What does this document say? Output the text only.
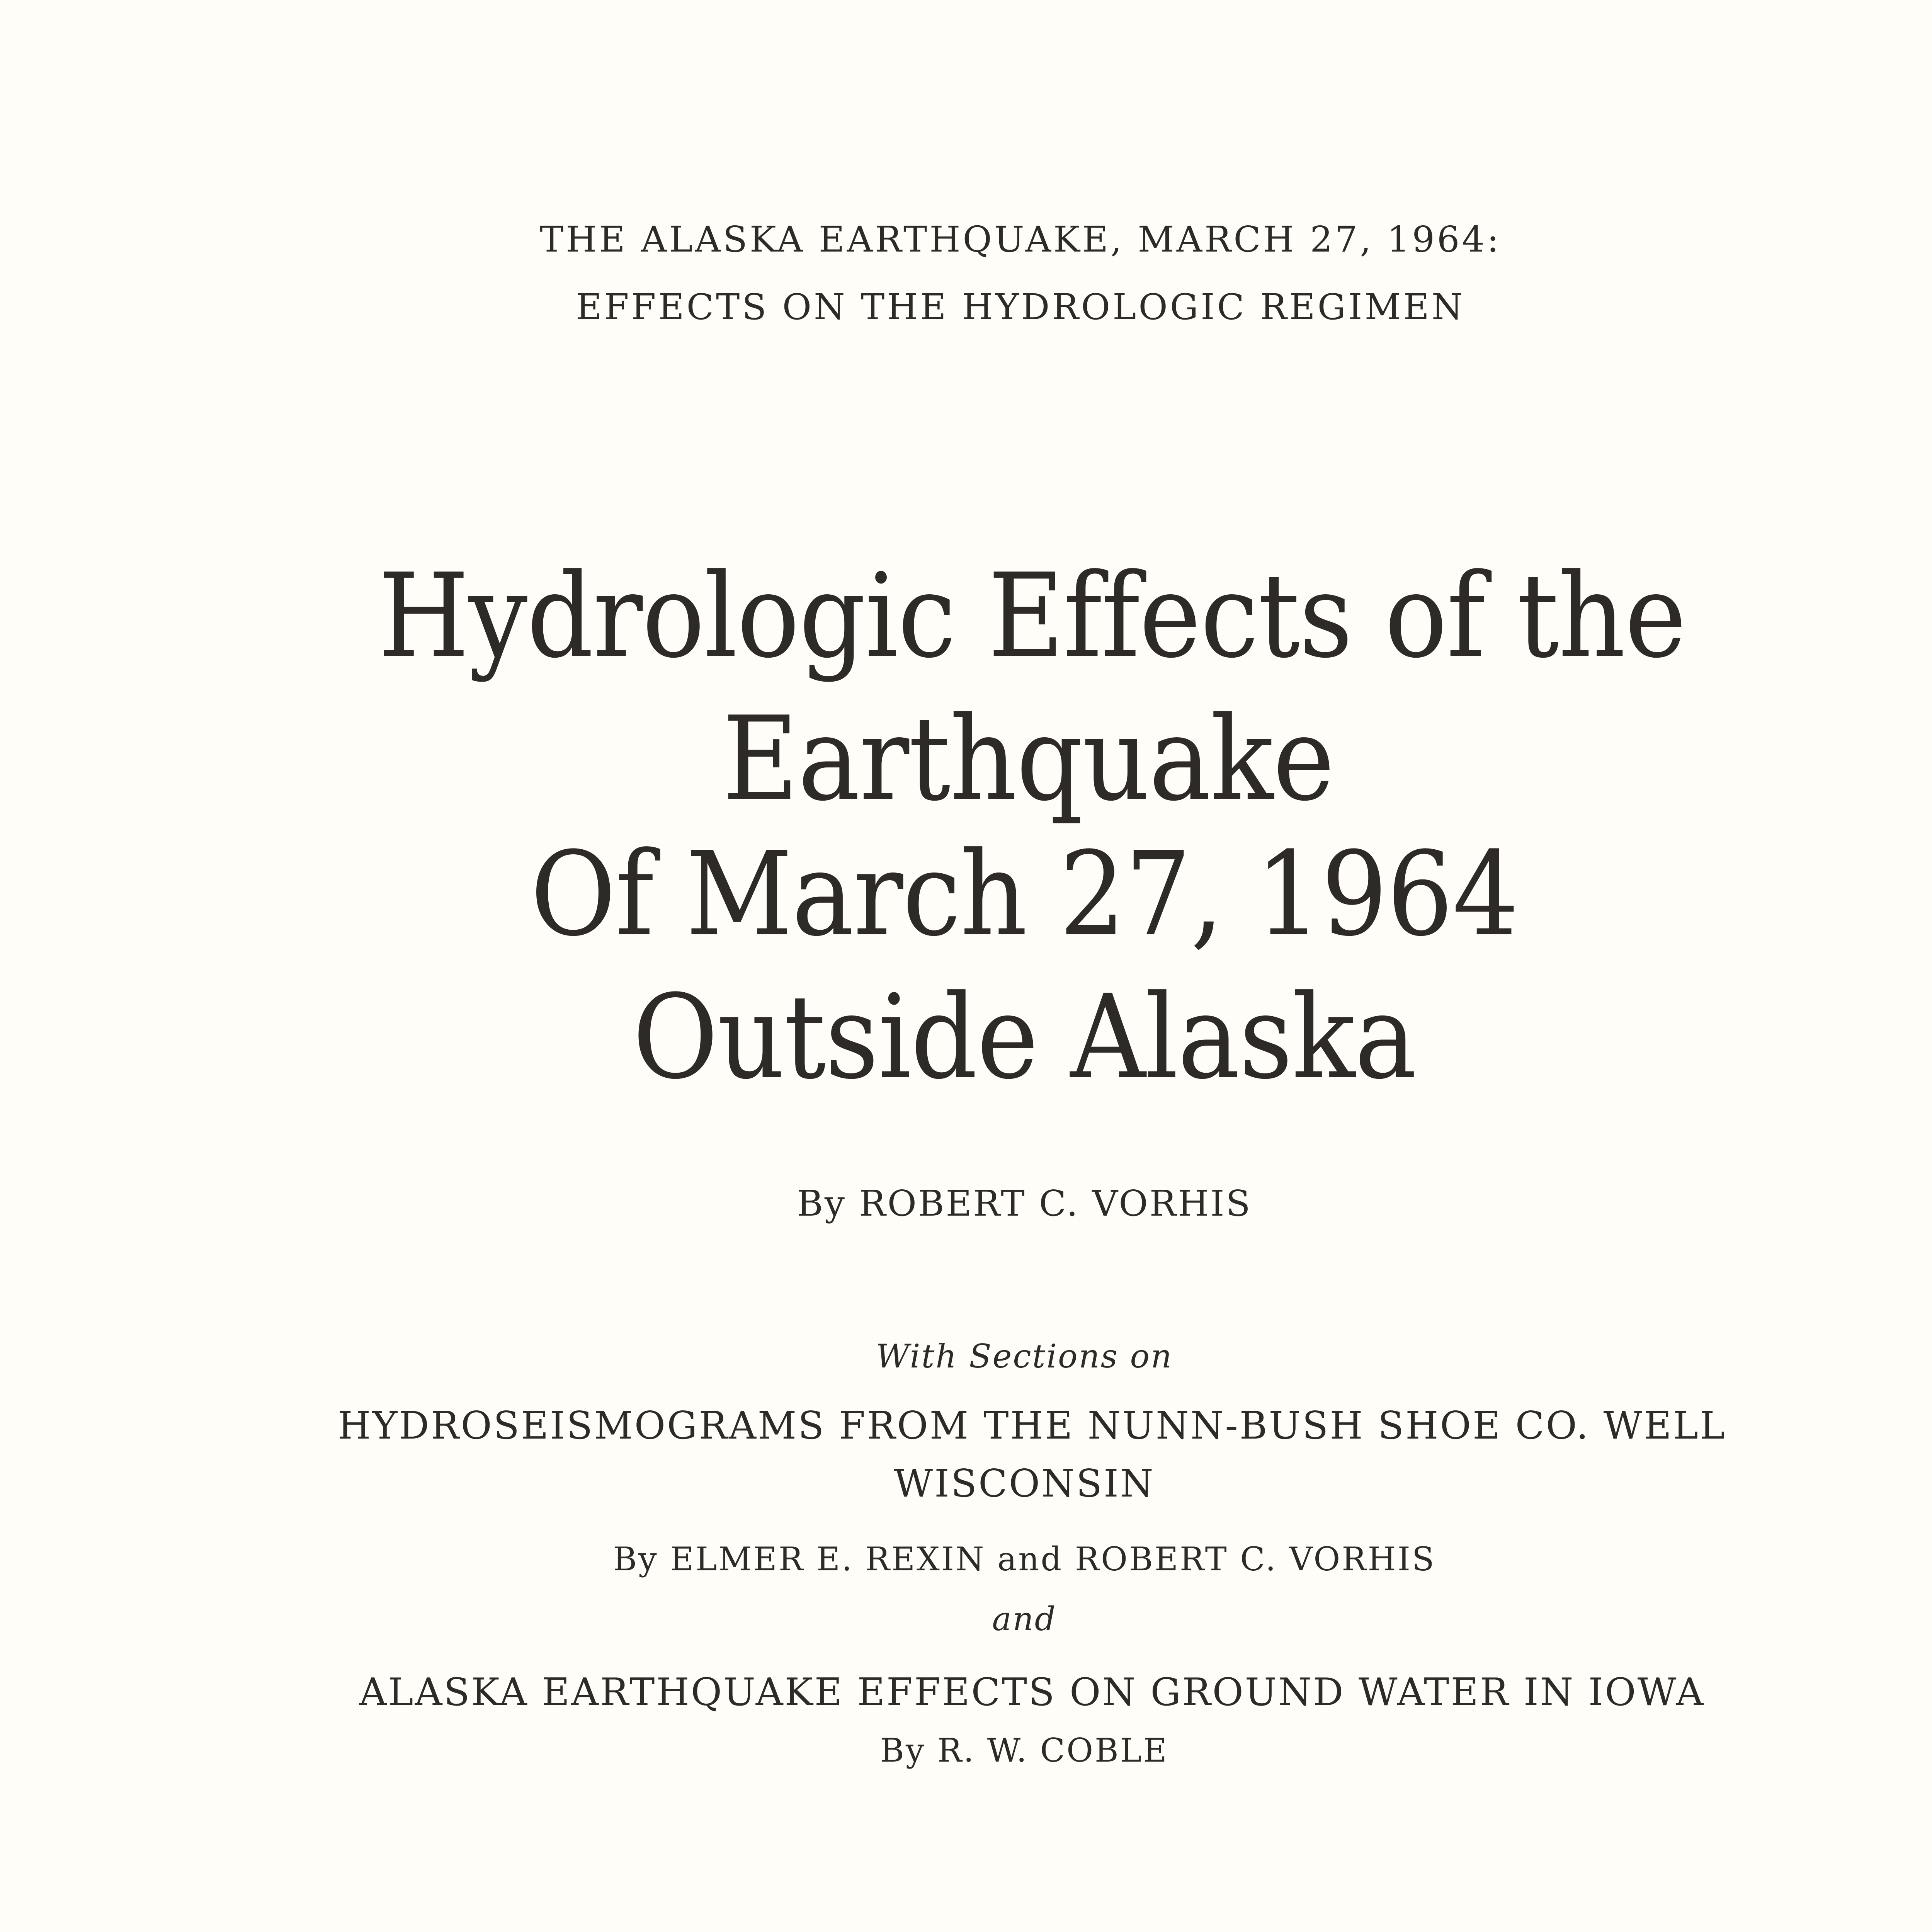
THE ALASKA EARTHQUAKE, MARCH 27, 1964:

EFFECTS ON THE HYDROLOGIC REGIMEN

Hydrologic Effects of the
Earthquake
Of March 27, 1964
Outside Alaska

By ROBERT C. VORHIS

With Sections on

HYDROSEISMOGRAMS FROM THE NUNN-BUSH SHOE CO. WELL

WISCONSIN

By ELMER E. REXIN and ROBERT C. VORHIS

and

ALASKA EARTHQUAKE EFFECTS ON GROUND WATER IN IOWA

By R. W. COBLE
